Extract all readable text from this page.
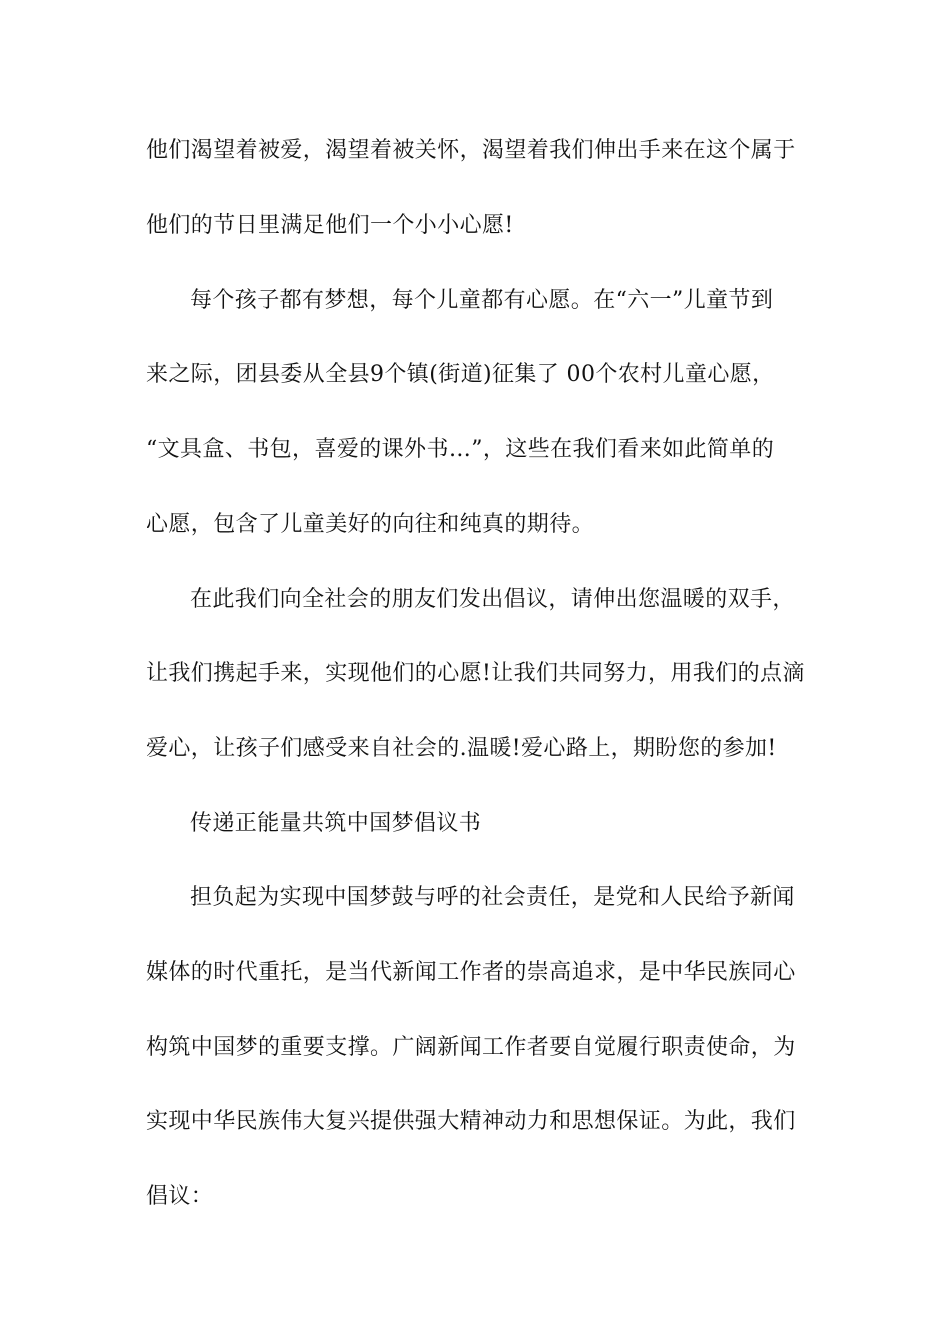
他们渴望着被爱，渴望着被关怀，渴望着我们伸出手来在这个属于
他们的节日里满足他们一个小小心愿!
每个孩子都有梦想，每个儿童都有心愿。在“六一”儿童节到
来之际，团县委从全县9个镇(街道)征集了 00个农村儿童心愿，
“文具盒、书包，喜爱的课外书…”，这些在我们看来如此简单的
心愿，包含了儿童美好的向往和纯真的期待。
在此我们向全社会的朋友们发出倡议，请伸出您温暖的双手，
让我们携起手来，实现他们的心愿!让我们共同努力，用我们的点滴
爱心，让孩子们感受来自社会的.温暖!爱心路上，期盼您的参加!
传递正能量共筑中国梦倡议书
担负起为实现中国梦鼓与呼的社会责任，是党和人民给予新闻
媒体的时代重托，是当代新闻工作者的崇高追求，是中华民族同心
构筑中国梦的重要支撑。广阔新闻工作者要自觉履行职责使命，为
实现中华民族伟大复兴提供强大精神动力和思想保证。为此，我们
倡议：
